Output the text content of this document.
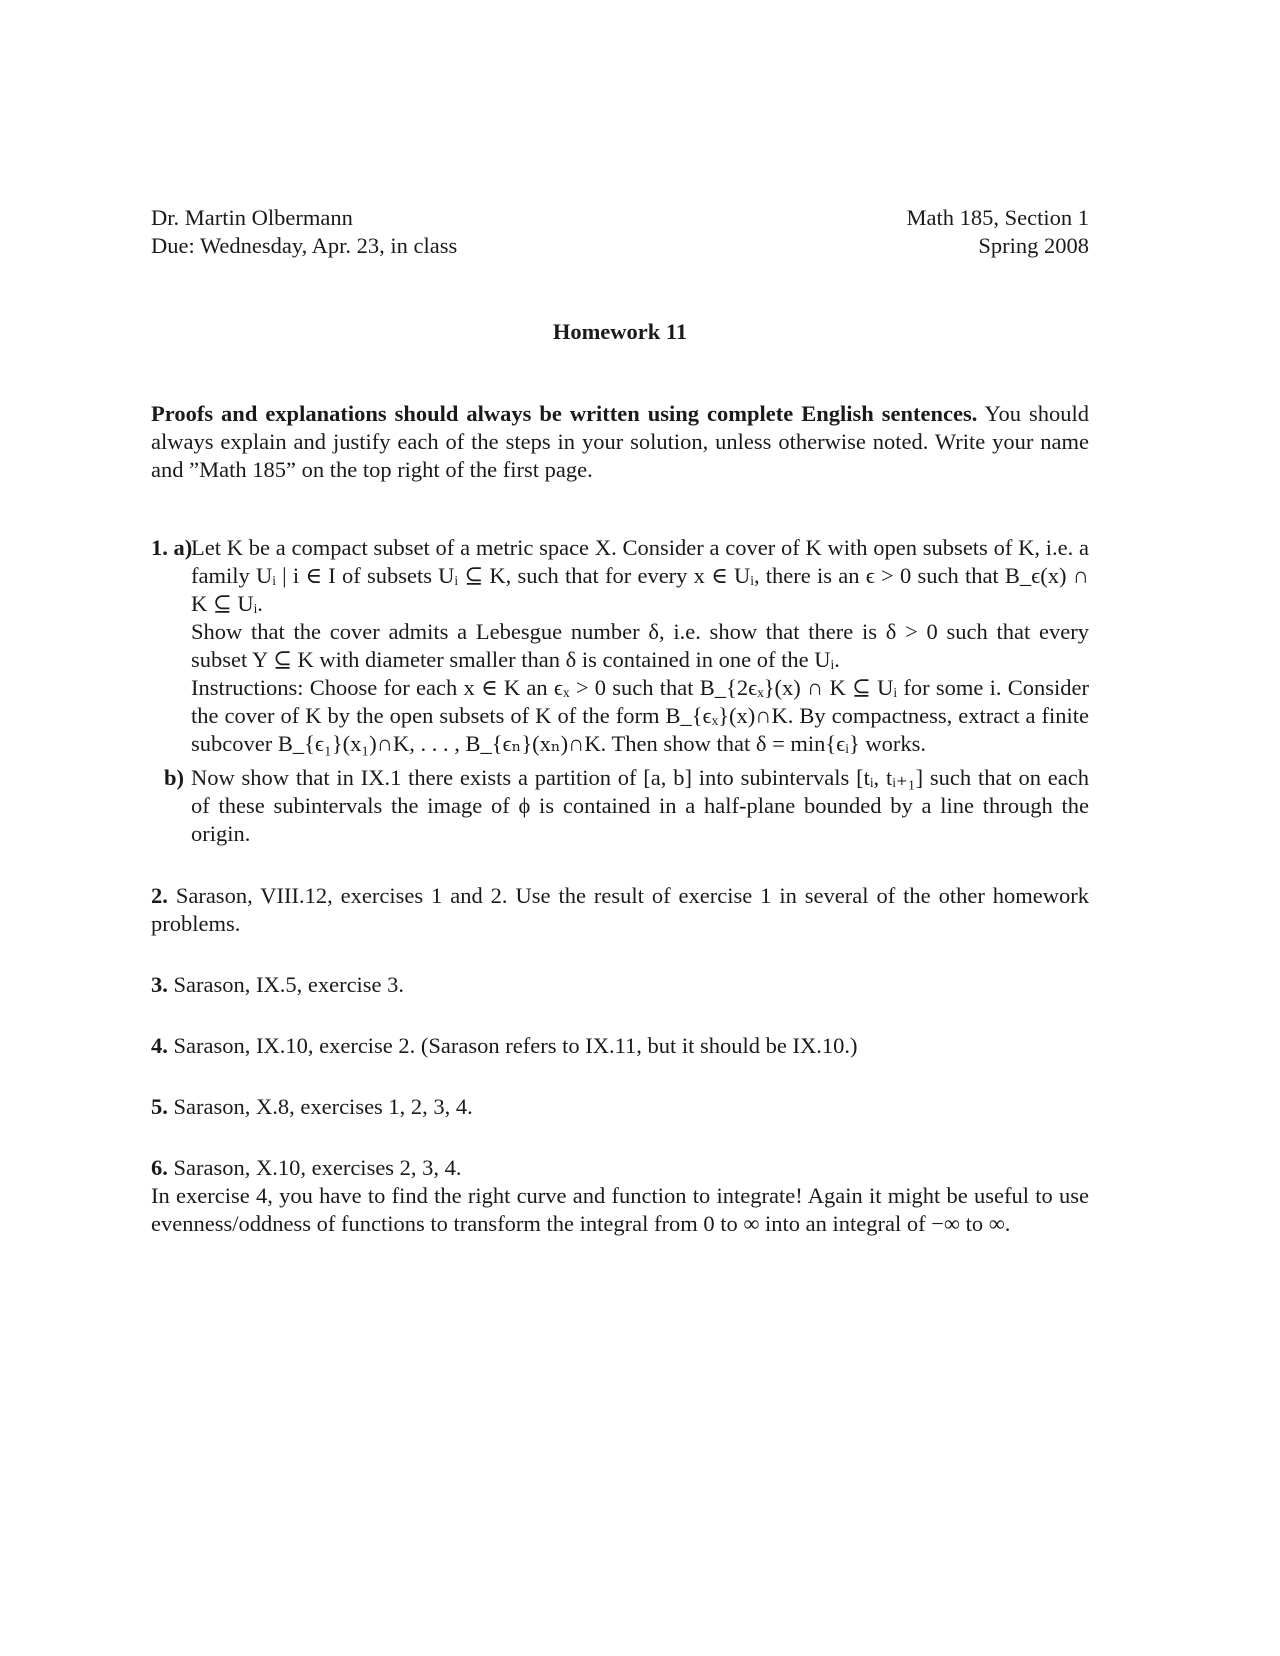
Dr. Martin Olbermann
Due: Wednesday, Apr. 23, in class
Math 185, Section 1
Spring 2008
Homework 11
Proofs and explanations should always be written using complete English sentences. You should always explain and justify each of the steps in your solution, unless otherwise noted. Write your name and ”Math 185” on the top right of the first page.
1. a)
Let K be a compact subset of a metric space X. Consider a cover of K with open subsets of K, i.e. a family Uᵢ | i ∈ I of subsets Uᵢ ⊆ K, such that for every x ∈ Uᵢ, there is an ϵ > 0 such that B_ϵ(x) ∩ K ⊆ Uᵢ.
Show that the cover admits a Lebesgue number δ, i.e. show that there is δ > 0 such that every subset Y ⊆ K with diameter smaller than δ is contained in one of the Uᵢ.
Instructions: Choose for each x ∈ K an ϵₓ > 0 such that B_{2ϵₓ}(x) ∩ K ⊆ Uᵢ for some i. Consider the cover of K by the open subsets of K of the form B_{ϵₓ}(x)∩K. By compactness, extract a finite subcover B_{ϵ₁}(x₁)∩K, . . . , B_{ϵₙ}(xₙ)∩K. Then show that δ = min{ϵᵢ} works.
b) Now show that in IX.1 there exists a partition of [a, b] into subintervals [tᵢ, tᵢ₊₁] such that on each of these subintervals the image of ϕ is contained in a half-plane bounded by a line through the origin.
2. Sarason, VIII.12, exercises 1 and 2. Use the result of exercise 1 in several of the other homework problems.
3. Sarason, IX.5, exercise 3.
4. Sarason, IX.10, exercise 2. (Sarason refers to IX.11, but it should be IX.10.)
5. Sarason, X.8, exercises 1, 2, 3, 4.
6. Sarason, X.10, exercises 2, 3, 4.
In exercise 4, you have to find the right curve and function to integrate! Again it might be useful to use evenness/oddness of functions to transform the integral from 0 to ∞ into an integral of −∞ to ∞.
